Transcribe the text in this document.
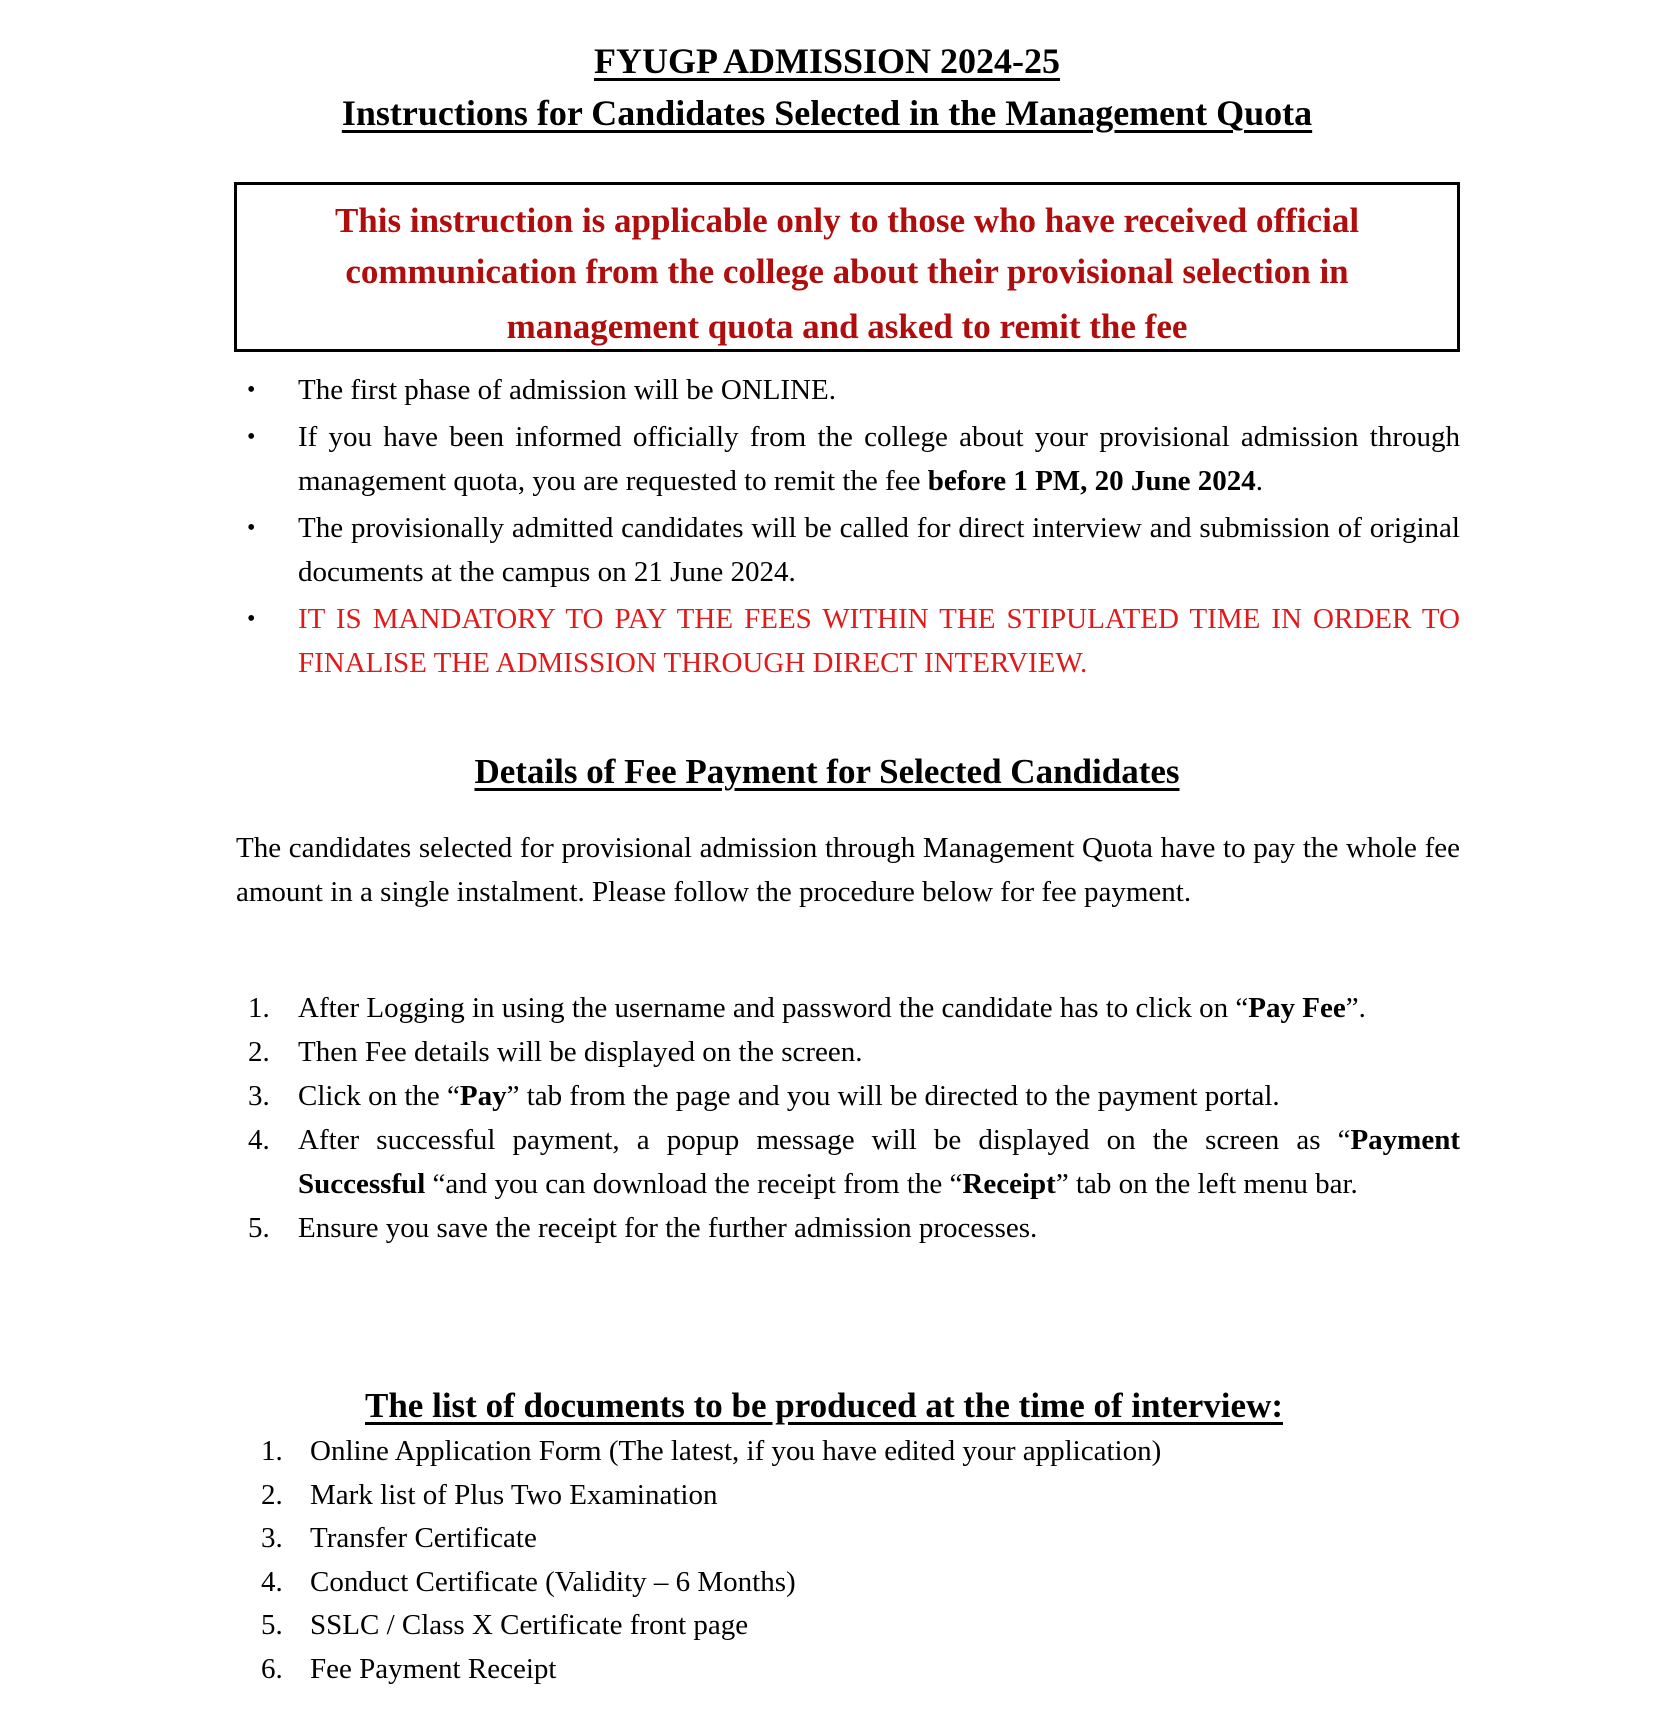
FYUGP ADMISSION 2024-25
Instructions for Candidates Selected in the Management Quota
This instruction is applicable only to those who have received official
communication from the college about their provisional selection in
management quota and asked to remit the fee
• The first phase of admission will be ONLINE.
• If you have been informed officially from the college about your provisional admission through management quota, you are requested to remit the fee before 1 PM, 20 June 2024.
• The provisionally admitted candidates will be called for direct interview and submission of original documents at the campus on 21 June 2024.
• IT IS MANDATORY TO PAY THE FEES WITHIN THE STIPULATED TIME IN ORDER TO FINALISE THE ADMISSION THROUGH DIRECT INTERVIEW.
Details of Fee Payment for Selected Candidates
The candidates selected for provisional admission through Management Quota have to pay the whole fee amount in a single instalment. Please follow the procedure below for fee payment.
1. After Logging in using the username and password the candidate has to click on “Pay Fee”.
2. Then Fee details will be displayed on the screen.
3. Click on the “Pay” tab from the page and you will be directed to the payment portal.
4. After successful payment, a popup message will be displayed on the screen as “Payment Successful “and you can download the receipt from the “Receipt” tab on the left menu bar.
5. Ensure you save the receipt for the further admission processes.
The list of documents to be produced at the time of interview:
1. Online Application Form (The latest, if you have edited your application)
2. Mark list of Plus Two Examination
3. Transfer Certificate
4. Conduct Certificate (Validity – 6 Months)
5. SSLC / Class X Certificate front page
6. Fee Payment Receipt
